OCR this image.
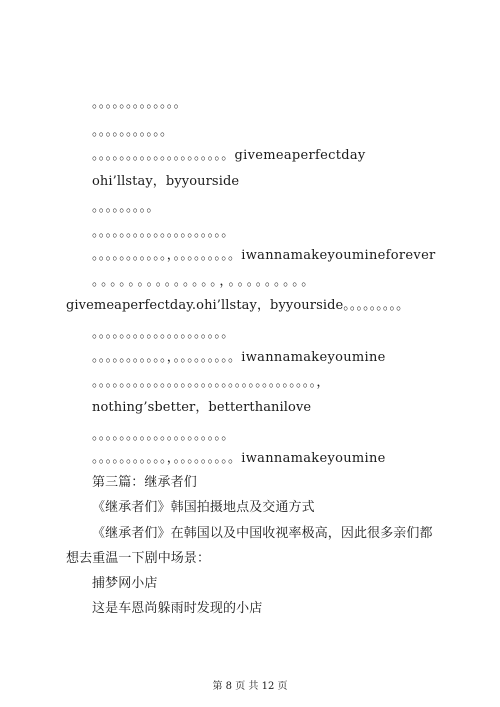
。。。。。。。。。。。。。
。。。。。。。。。。。
。。。。。。。。。。。。。。。。。。。。givemeaperfectday
ohi’llstay，byyourside
。。。。。。。。。
。。。。。。。。。。。。。。。。。。。。
。。。。。。。。。。。，。。。。。。。。。iwannamakeyoumineforever
。。。。。。。。。。。。。。，。。。。。。。。。
givemeaperfectday.ohi’llstay，byyourside。。。。。。。。。
。。。。。。。。。。。。。。。。。。。。
。。。。。。。。。。。，。。。。。。。。。iwannamakeyoumine
。。。。。。。。。。。。。。。。。。。。。。。。。。。。。。。。。，
nothing’sbetter，betterthanilove
。。。。。。。。。。。。。。。。。。。。
。。。。。。。。。。。，。。。。。。。。。iwannamakeyoumine
第三篇：继承者们
《继承者们》韩国拍摄地点及交通方式
《继承者们》在韩国以及中国收视率极高，因此很多亲们都
想去重温一下剧中场景：
捕梦网小店
这是车恩尚躲雨时发现的小店
第 8 页 共 12 页
